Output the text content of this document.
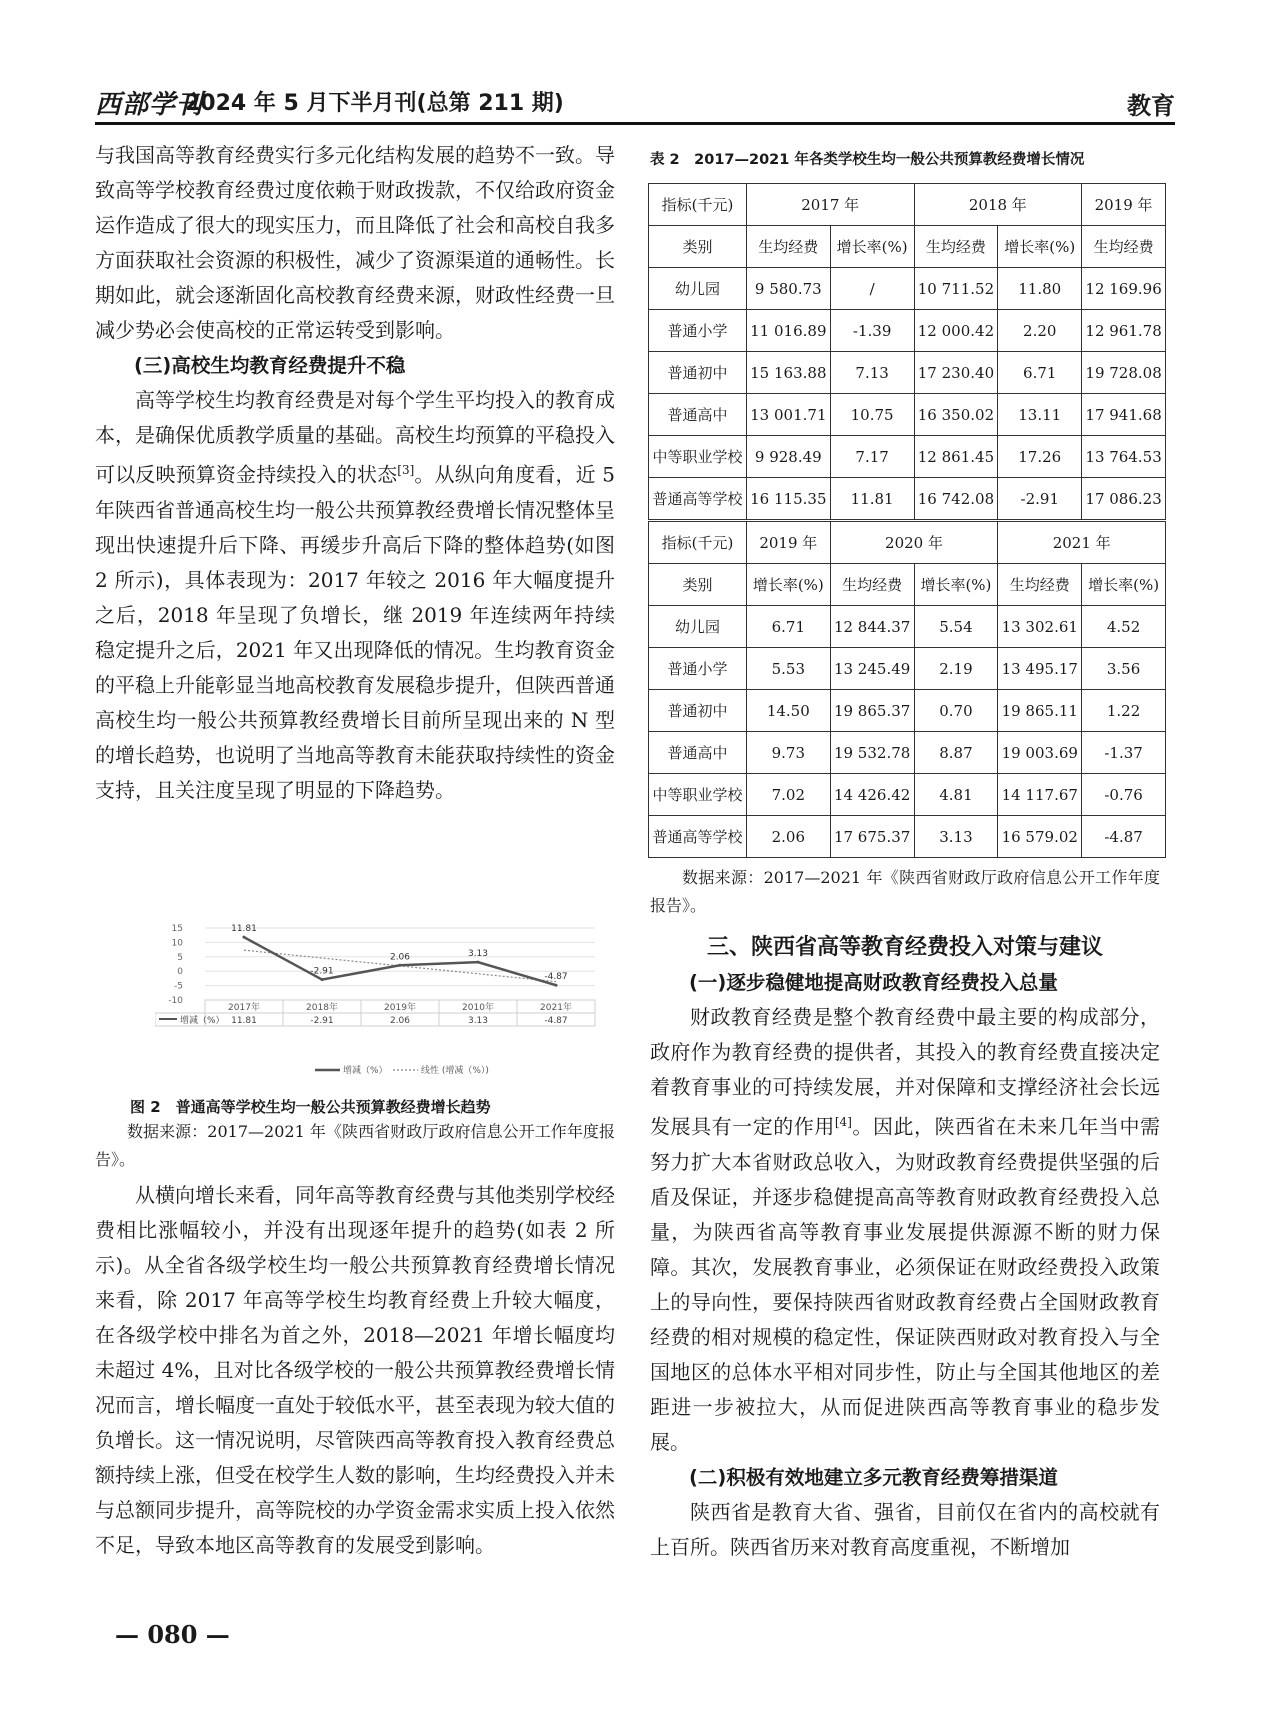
西部学刊
2024 年 5 月下半月刊(总第 211 期)	教育

与我国高等教育经费实行多元化结构发展的趋势不一致。导致高等学校教育经费过度依赖于财政拨款，不仅给政府资金运作造成了很大的现实压力，而且降低了社会和高校自我多方面获取社会资源的积极性，减少了资源渠道的通畅性。长期如此，就会逐渐固化高校教育经费来源，财政性经费一旦减少势必会使高校的正常运转受到影响。

(三)高校生均教育经费提升不稳

高等学校生均教育经费是对每个学生平均投入的教育成本，是确保优质教学质量的基础。高校生均预算的平稳投入可以反映预算资金持续投入的状态[3]。从纵向角度看，近 5 年陕西省普通高校生均一般公共预算教经费增长情况整体呈现出快速提升后下降、再缓步升高后下降的整体趋势(如图 2 所示)，具体表现为：2017 年较之 2016 年大幅度提升之后，2018 年呈现了负增长，继 2019 年连续两年持续稳定提升之后，2021 年又出现降低的情况。生均教育资金的平稳上升能彰显当地高校教育发展稳步提升，但陕西普通高校生均一般公共预算教经费增长目前所呈现出来的 N 型的增长趋势，也说明了当地高等教育未能获取持续性的资金支持，且关注度呈现了明显的下降趋势。

15
10
5
0
-5
-10
2017年
11.81
2018年
-2.91
2019年
2.06
2010年
3.13
2021年
-4.87
增减（%）
11.81
-2.91
2.06	3.13
-4.87
增减（%）	线性 (增减（%）)
图 2　普通高等学校生均一般公共预算教经费增长趋势

数据来源：2017—2021 年《陕西省财政厅政府信息公开工作年度报告》。

从横向增长来看，同年高等教育经费与其他类别学校经费相比涨幅较小，并没有出现逐年提升的趋势(如表 2 所示)。从全省各级学校生均一般公共预算教育经费增长情况来看，除 2017 年高等学校生均教育经费上升较大幅度，在各级学校中排名为首之外，2018—2021 年增长幅度均未超过 4%，且对比各级学校的一般公共预算教经费增长情况而言，增长幅度一直处于较低水平，甚至表现为较大值的负增长。这一情况说明，尽管陕西高等教育投入教育经费总额持续上涨，但受在校学生人数的影响，生均经费投入并未与总额同步提升，高等院校的办学资金需求实质上投入依然不足，导致本地区高等教育的发展受到影响。

表 2　2017—2021 年各类学校生均一般公共预算教经费增长情况
指标(千元)	2017 年		2018 年		2019 年
类别	生均经费	增长率(%)	生均经费	增长率(%)	生均经费
幼儿园	9 580.73	/	10 711.52	11.80	12 169.96
普通小学	11 016.89	-1.39	12 000.42	2.20	12 961.78
普通初中	15 163.88	7.13	17 230.40	6.71	19 728.08
普通高中	13 001.71	10.75	16 350.02	13.11	17 941.68
中等职业学校	9 928.49	7.17	12 861.45	17.26	13 764.53
普通高等学校	16 115.35	11.81	16 742.08	-2.91	17 086.23
指标(千元)	2019 年	2020 年		2021 年	
类别	增长率(%)	生均经费	增长率(%)	生均经费	增长率(%)
幼儿园	6.71	12 844.37	5.54	13 302.61	4.52
普通小学	5.53	13 245.49	2.19	13 495.17	3.56
普通初中	14.50	19 865.37	0.70	19 865.11	1.22
普通高中	9.73	19 532.78	8.87	19 003.69	-1.37
中等职业学校	7.02	14 426.42	4.81	14 117.67	-0.76
普通高等学校	2.06	17 675.37	3.13	16 579.02	-4.87

数据来源：2017—2021 年《陕西省财政厅政府信息公开工作年度报告》。

三、陕西省高等教育经费投入对策与建议

(一)逐步稳健地提高财政教育经费投入总量

财政教育经费是整个教育经费中最主要的构成部分，政府作为教育经费的提供者，其投入的教育经费直接决定着教育事业的可持续发展，并对保障和支撑经济社会长远发展具有一定的作用[4]。因此，陕西省在未来几年当中需努力扩大本省财政总收入，为财政教育经费提供坚强的后盾及保证，并逐步稳健提高高等教育财政教育经费投入总量，为陕西省高等教育事业发展提供源源不断的财力保障。其次，发展教育事业，必须保证在财政经费投入政策上的导向性，要保持陕西省财政教育经费占全国财政教育经费的相对规模的稳定性，保证陕西财政对教育投入与全国地区的总体水平相对同步性，防止与全国其他地区的差距进一步被拉大，从而促进陕西高等教育事业的稳步发展。

(二)积极有效地建立多元教育经费筹措渠道

陕西省是教育大省、强省，目前仅在省内的高校就有上百所。陕西省历来对教育高度重视，不断增加

— 080 —
